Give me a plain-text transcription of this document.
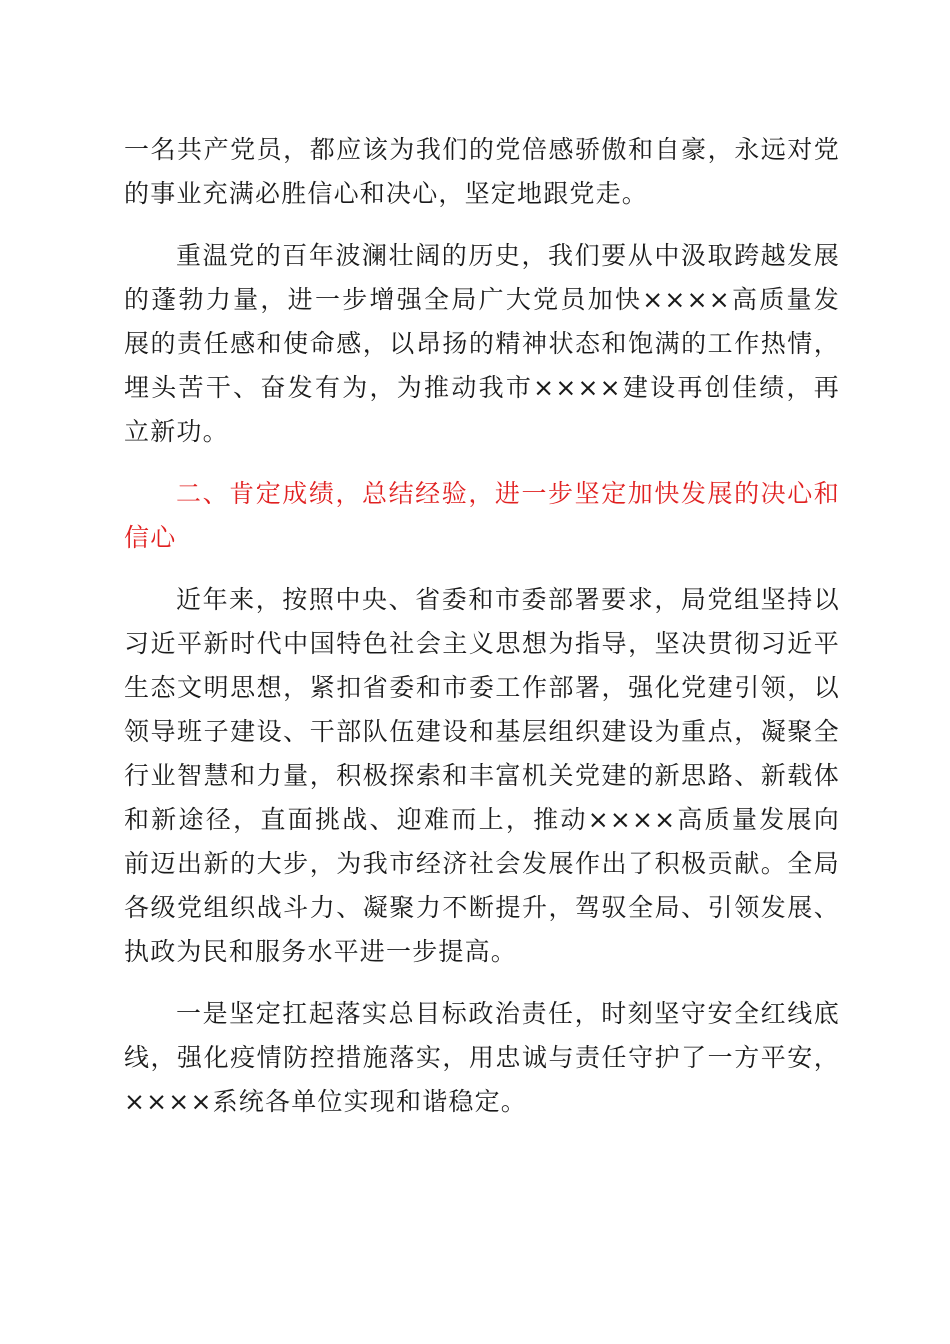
一名共产党员，都应该为我们的党倍感骄傲和自豪，永远对党的事业充满必胜信心和决心，坚定地跟党走。

重温党的百年波澜壮阔的历史，我们要从中汲取跨越发展的蓬勃力量，进一步增强全局广大党员加快××××高质量发展的责任感和使命感，以昂扬的精神状态和饱满的工作热情，埋头苦干、奋发有为，为推动我市××××建设再创佳绩，再立新功。

二、肯定成绩，总结经验，进一步坚定加快发展的决心和信心

近年来，按照中央、省委和市委部署要求，局党组坚持以习近平新时代中国特色社会主义思想为指导，坚决贯彻习近平生态文明思想，紧扣省委和市委工作部署，强化党建引领，以领导班子建设、干部队伍建设和基层组织建设为重点，凝聚全行业智慧和力量，积极探索和丰富机关党建的新思路、新载体和新途径，直面挑战、迎难而上，推动××××高质量发展向前迈出新的大步，为我市经济社会发展作出了积极贡献。全局各级党组织战斗力、凝聚力不断提升，驾驭全局、引领发展、执政为民和服务水平进一步提高。

一是坚定扛起落实总目标政治责任，时刻坚守安全红线底线，强化疫情防控措施落实，用忠诚与责任守护了一方平安，××××系统各单位实现和谐稳定。
